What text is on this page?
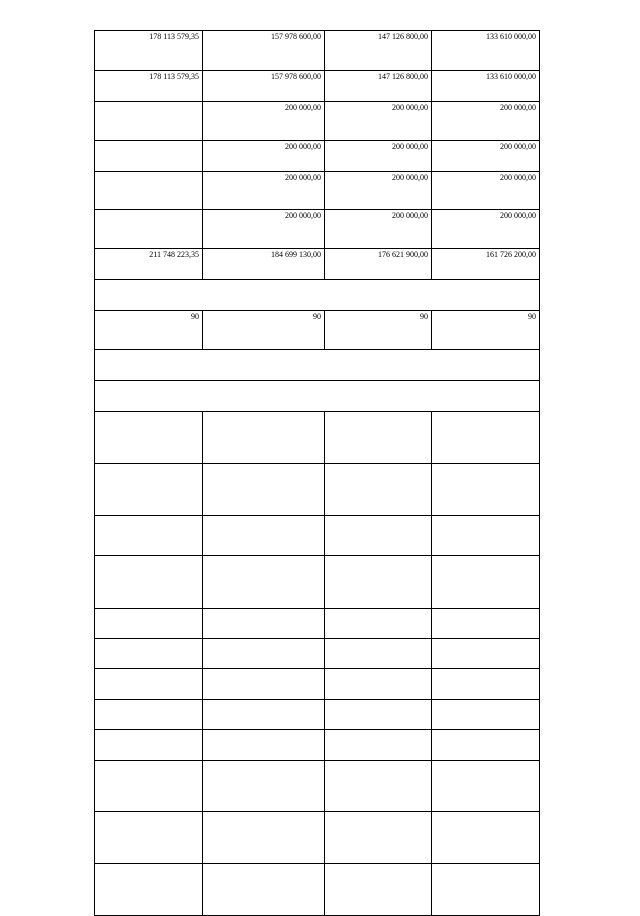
178 113 579,35	157 978 600,00	147 126 800,00	133 610 000,00
178 113 579,35	157 978 600,00	147 126 800,00	133 610 000,00
	200 000,00	200 000,00	200 000,00
	200 000,00	200 000,00	200 000,00
	200 000,00	200 000,00	200 000,00
	200 000,00	200 000,00	200 000,00
211 748 223,35	184 699 130,00	176 621 900,00	161 726 200,00

90	90	90	90
